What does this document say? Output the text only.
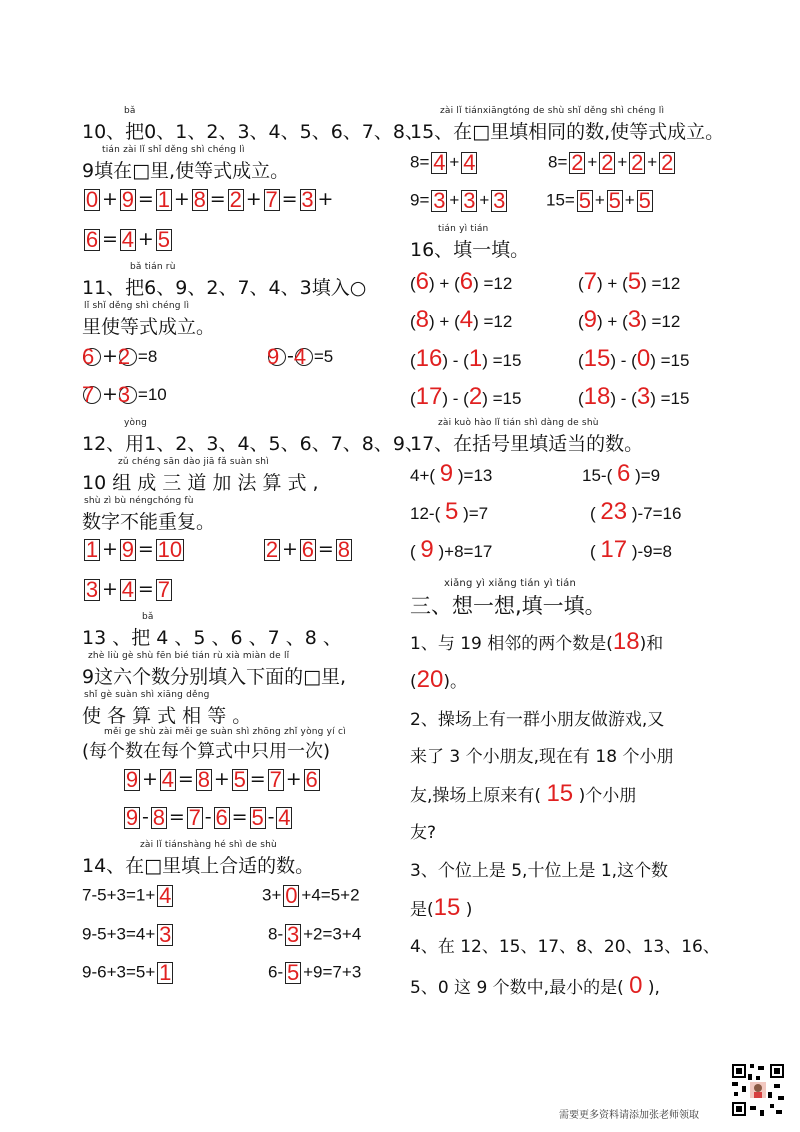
bǎ
10、把0、1、2、3、4、5、6、7、8、
tián zài lǐ shǐ děng shì chéng lì
9填在□里,使等式成立。
0 + 9 = 1 + 8 = 2 + 7 = 3 +
6 = 4 + 5
bǎ tián rù
11、把6、9、2、7、4、3填入○
lǐ shǐ děng shì chéng lì
里使等式成立。
6 + 2 =8	9 - 4 =5
7 + 3 =10
yòng
12、用1、2、3、4、5、6、7、8、9、
zǔ chéng sān dào jiā fǎ suàn shì
10 组 成 三 道 加 法 算 式 ,
shù zì bù néngchóng fù
数字不能重复。
1 + 9 = 10	2 + 6 = 8
3 + 4 = 7
bǎ
13 、把 4 、5 、6 、7 、8 、
zhè liù gè shù fēn bié tián rù xià miàn de lǐ
9这六个数分别填入下面的□里,
shǐ gè suàn shì xiāng děng
使 各 算 式 相 等 。
měi ge shù zài měi ge suàn shì zhōng zhǐ yòng yí cì
(每个数在每个算式中只用一次)
9 + 4 = 8 + 5 = 7 + 6
9 - 8 = 7 - 6 = 5 - 4
zài lǐ tiánshàng hé shì de shù
14、在□里填上合适的数。
7-5+3=1+ 4	3+ 0 +4=5+2
9-5+3=4+ 3	8- 3 +2=3+4
9-6+3=5+ 1	6- 5 +9=7+3
zài lǐ tiánxiāngtóng de shù shǐ děng shì chéng lì
15、在□里填相同的数,使等式成立。
8= 4 + 4	8= 2 + 2 + 2 + 2
9= 3 + 3 + 3 15= 5 + 5 + 5
tián yì tián
16、填一填。
(6) + (6) =12	(7) + (5) =12
(8) + (4) =12	(9) + (3) =12
(16) - (1) =15	(15) - (0) =15
(17) - (2) =15	(18) - (3) =15
zài kuò hào lǐ tián shì dàng de shù
17、在括号里填适当的数。
4+( 9 )=13	15-( 6 )=9
12-( 5 )=7	( 23 )-7=16
( 9 )+8=17	( 17 )-9=8
xiǎng yì xiǎng tián yì tián
三、想一想,填一填。
1、与 19 相邻的两个数是(18)和
(20)。
2、操场上有一群小朋友做游戏,又
来了 3 个小朋友,现在有 18 个小朋
友,操场上原来有( 15 )个小朋
友?
3、个位上是 5,十位上是 1,这个数
是(15 )
4、在 12、15、17、8、20、13、16、
5、0 这 9 个数中,最小的是( 0 ),
需要更多资料请添加张老师领取
